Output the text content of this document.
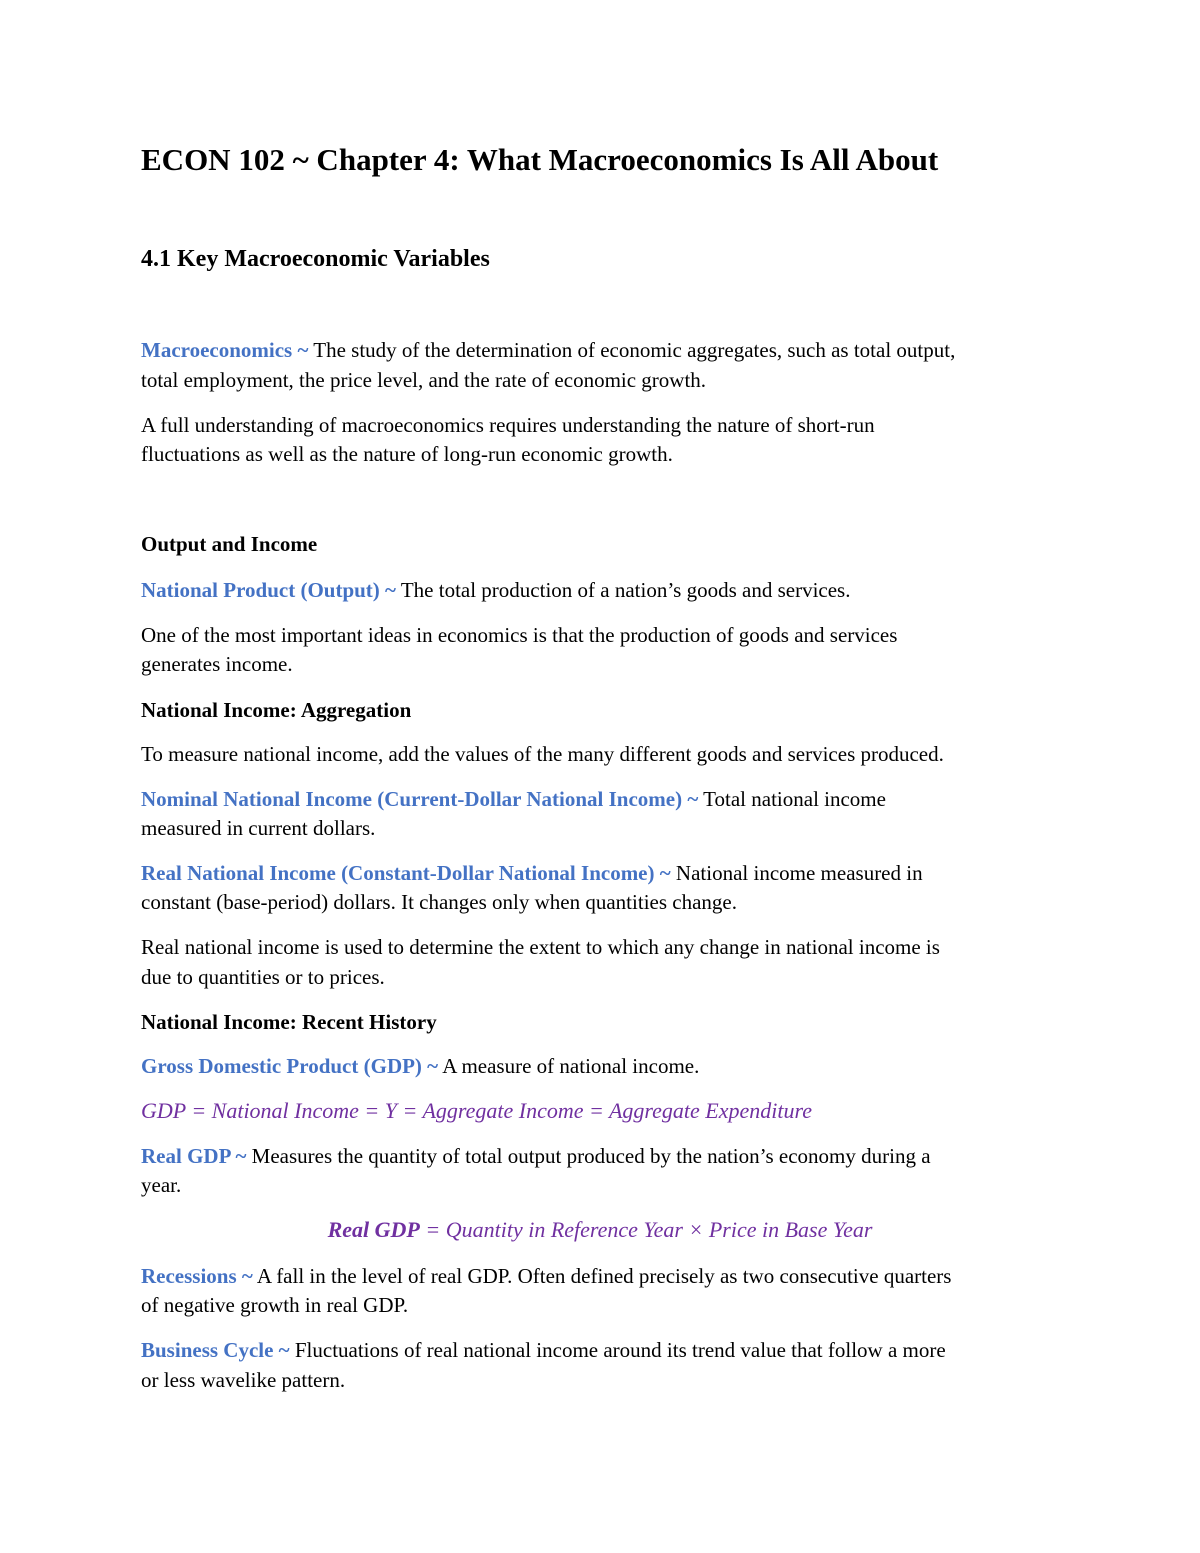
ECON 102 ~ Chapter 4: What Macroeconomics Is All About
4.1 Key Macroeconomic Variables
Macroeconomics ~ The study of the determination of economic aggregates, such as total output,
total employment, the price level, and the rate of economic growth.
A full understanding of macroeconomics requires understanding the nature of short-run
fluctuations as well as the nature of long-run economic growth.
Output and Income
National Product (Output) ~ The total production of a nation’s goods and services.
One of the most important ideas in economics is that the production of goods and services
generates income.
National Income: Aggregation
To measure national income, add the values of the many different goods and services produced.
Nominal National Income (Current-Dollar National Income) ~ Total national income
measured in current dollars.
Real National Income (Constant-Dollar National Income) ~ National income measured in
constant (base-period) dollars. It changes only when quantities change.
Real national income is used to determine the extent to which any change in national income is
due to quantities or to prices.
National Income: Recent History
Gross Domestic Product (GDP) ~ A measure of national income.
GDP = National Income = Y = Aggregate Income = Aggregate Expenditure
Real GDP ~ Measures the quantity of total output produced by the nation’s economy during a
year.
Real GDP = Quantity in Reference Year × Price in Base Year
Recessions ~ A fall in the level of real GDP. Often defined precisely as two consecutive quarters
of negative growth in real GDP.
Business Cycle ~ Fluctuations of real national income around its trend value that follow a more
or less wavelike pattern.
